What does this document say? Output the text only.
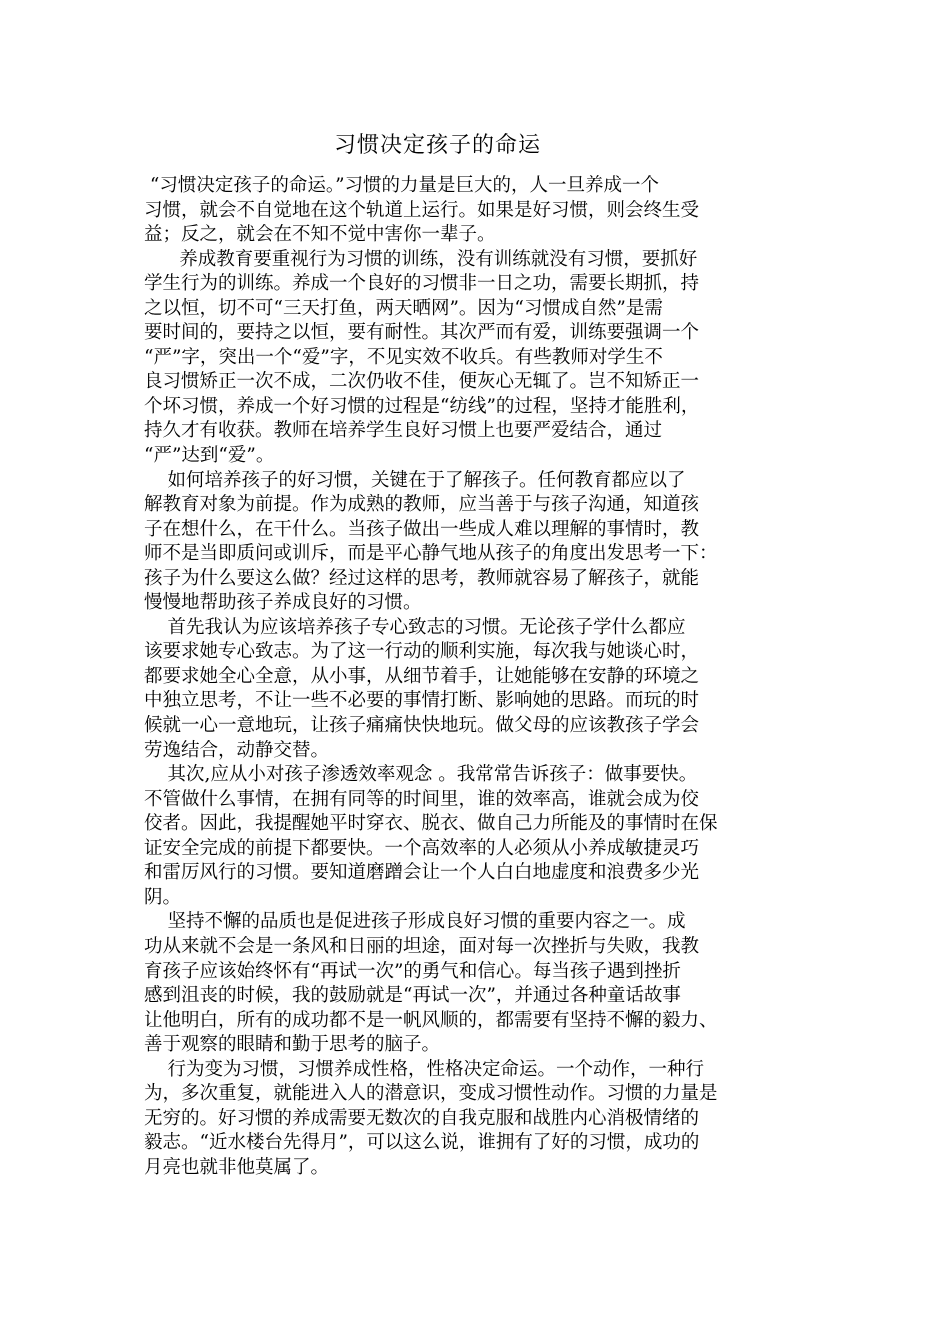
习惯决定孩子的命运
“习惯决定孩子的命运。”习惯的力量是巨大的，人一旦养成一个
习惯，就会不自觉地在这个轨道上运行。如果是好习惯，则会终生受
益；反之，就会在不知不觉中害你一辈子。
养成教育要重视行为习惯的训练，没有训练就没有习惯，要抓好
学生行为的训练。养成一个良好的习惯非一日之功，需要长期抓，持
之以恒，切不可“三天打鱼，两天晒网”。因为“习惯成自然”是需
要时间的，要持之以恒，要有耐性。其次严而有爱，训练要强调一个
“严”字，突出一个“爱”字，不见实效不收兵。有些教师对学生不
良习惯矫正一次不成，二次仍收不佳，便灰心无辄了。岂不知矫正一
个坏习惯，养成一个好习惯的过程是“纺线”的过程，坚持才能胜利，
持久才有收获。教师在培养学生良好习惯上也要严爱结合，通过
“严”达到“爱”。
如何培养孩子的好习惯，关键在于了解孩子。任何教育都应以了
解教育对象为前提。作为成熟的教师，应当善于与孩子沟通，知道孩
子在想什么，在干什么。当孩子做出一些成人难以理解的事情时，教
师不是当即质问或训斥，而是平心静气地从孩子的角度出发思考一下：
孩子为什么要这么做？经过这样的思考，教师就容易了解孩子，就能
慢慢地帮助孩子养成良好的习惯。
首先我认为应该培养孩子专心致志的习惯。无论孩子学什么都应
该要求她专心致志。为了这一行动的顺利实施，每次我与她谈心时，
都要求她全心全意，从小事，从细节着手，让她能够在安静的环境之
中独立思考，不让一些不必要的事情打断、影响她的思路。而玩的时
候就一心一意地玩，让孩子痛痛快快地玩。做父母的应该教孩子学会
劳逸结合，动静交替。
其次,应从小对孩子渗透效率观念 。我常常告诉孩子：做事要快。
不管做什么事情，在拥有同等的时间里，谁的效率高，谁就会成为佼
佼者。因此，我提醒她平时穿衣、脱衣、做自己力所能及的事情时在保
证安全完成的前提下都要快。一个高效率的人必须从小养成敏捷灵巧
和雷厉风行的习惯。要知道磨蹭会让一个人白白地虚度和浪费多少光
阴。
坚持不懈的品质也是促进孩子形成良好习惯的重要内容之一。成
功从来就不会是一条风和日丽的坦途，面对每一次挫折与失败，我教
育孩子应该始终怀有“再试一次”的勇气和信心。每当孩子遇到挫折
感到沮丧的时候，我的鼓励就是“再试一次”，并通过各种童话故事
让他明白，所有的成功都不是一帆风顺的，都需要有坚持不懈的毅力、
善于观察的眼睛和勤于思考的脑子。
行为变为习惯，习惯养成性格，性格决定命运。一个动作，一种行
为，多次重复，就能进入人的潜意识，变成习惯性动作。习惯的力量是
无穷的。好习惯的养成需要无数次的自我克服和战胜内心消极情绪的
毅志。“近水楼台先得月”，可以这么说，谁拥有了好的习惯，成功的
月亮也就非他莫属了。
